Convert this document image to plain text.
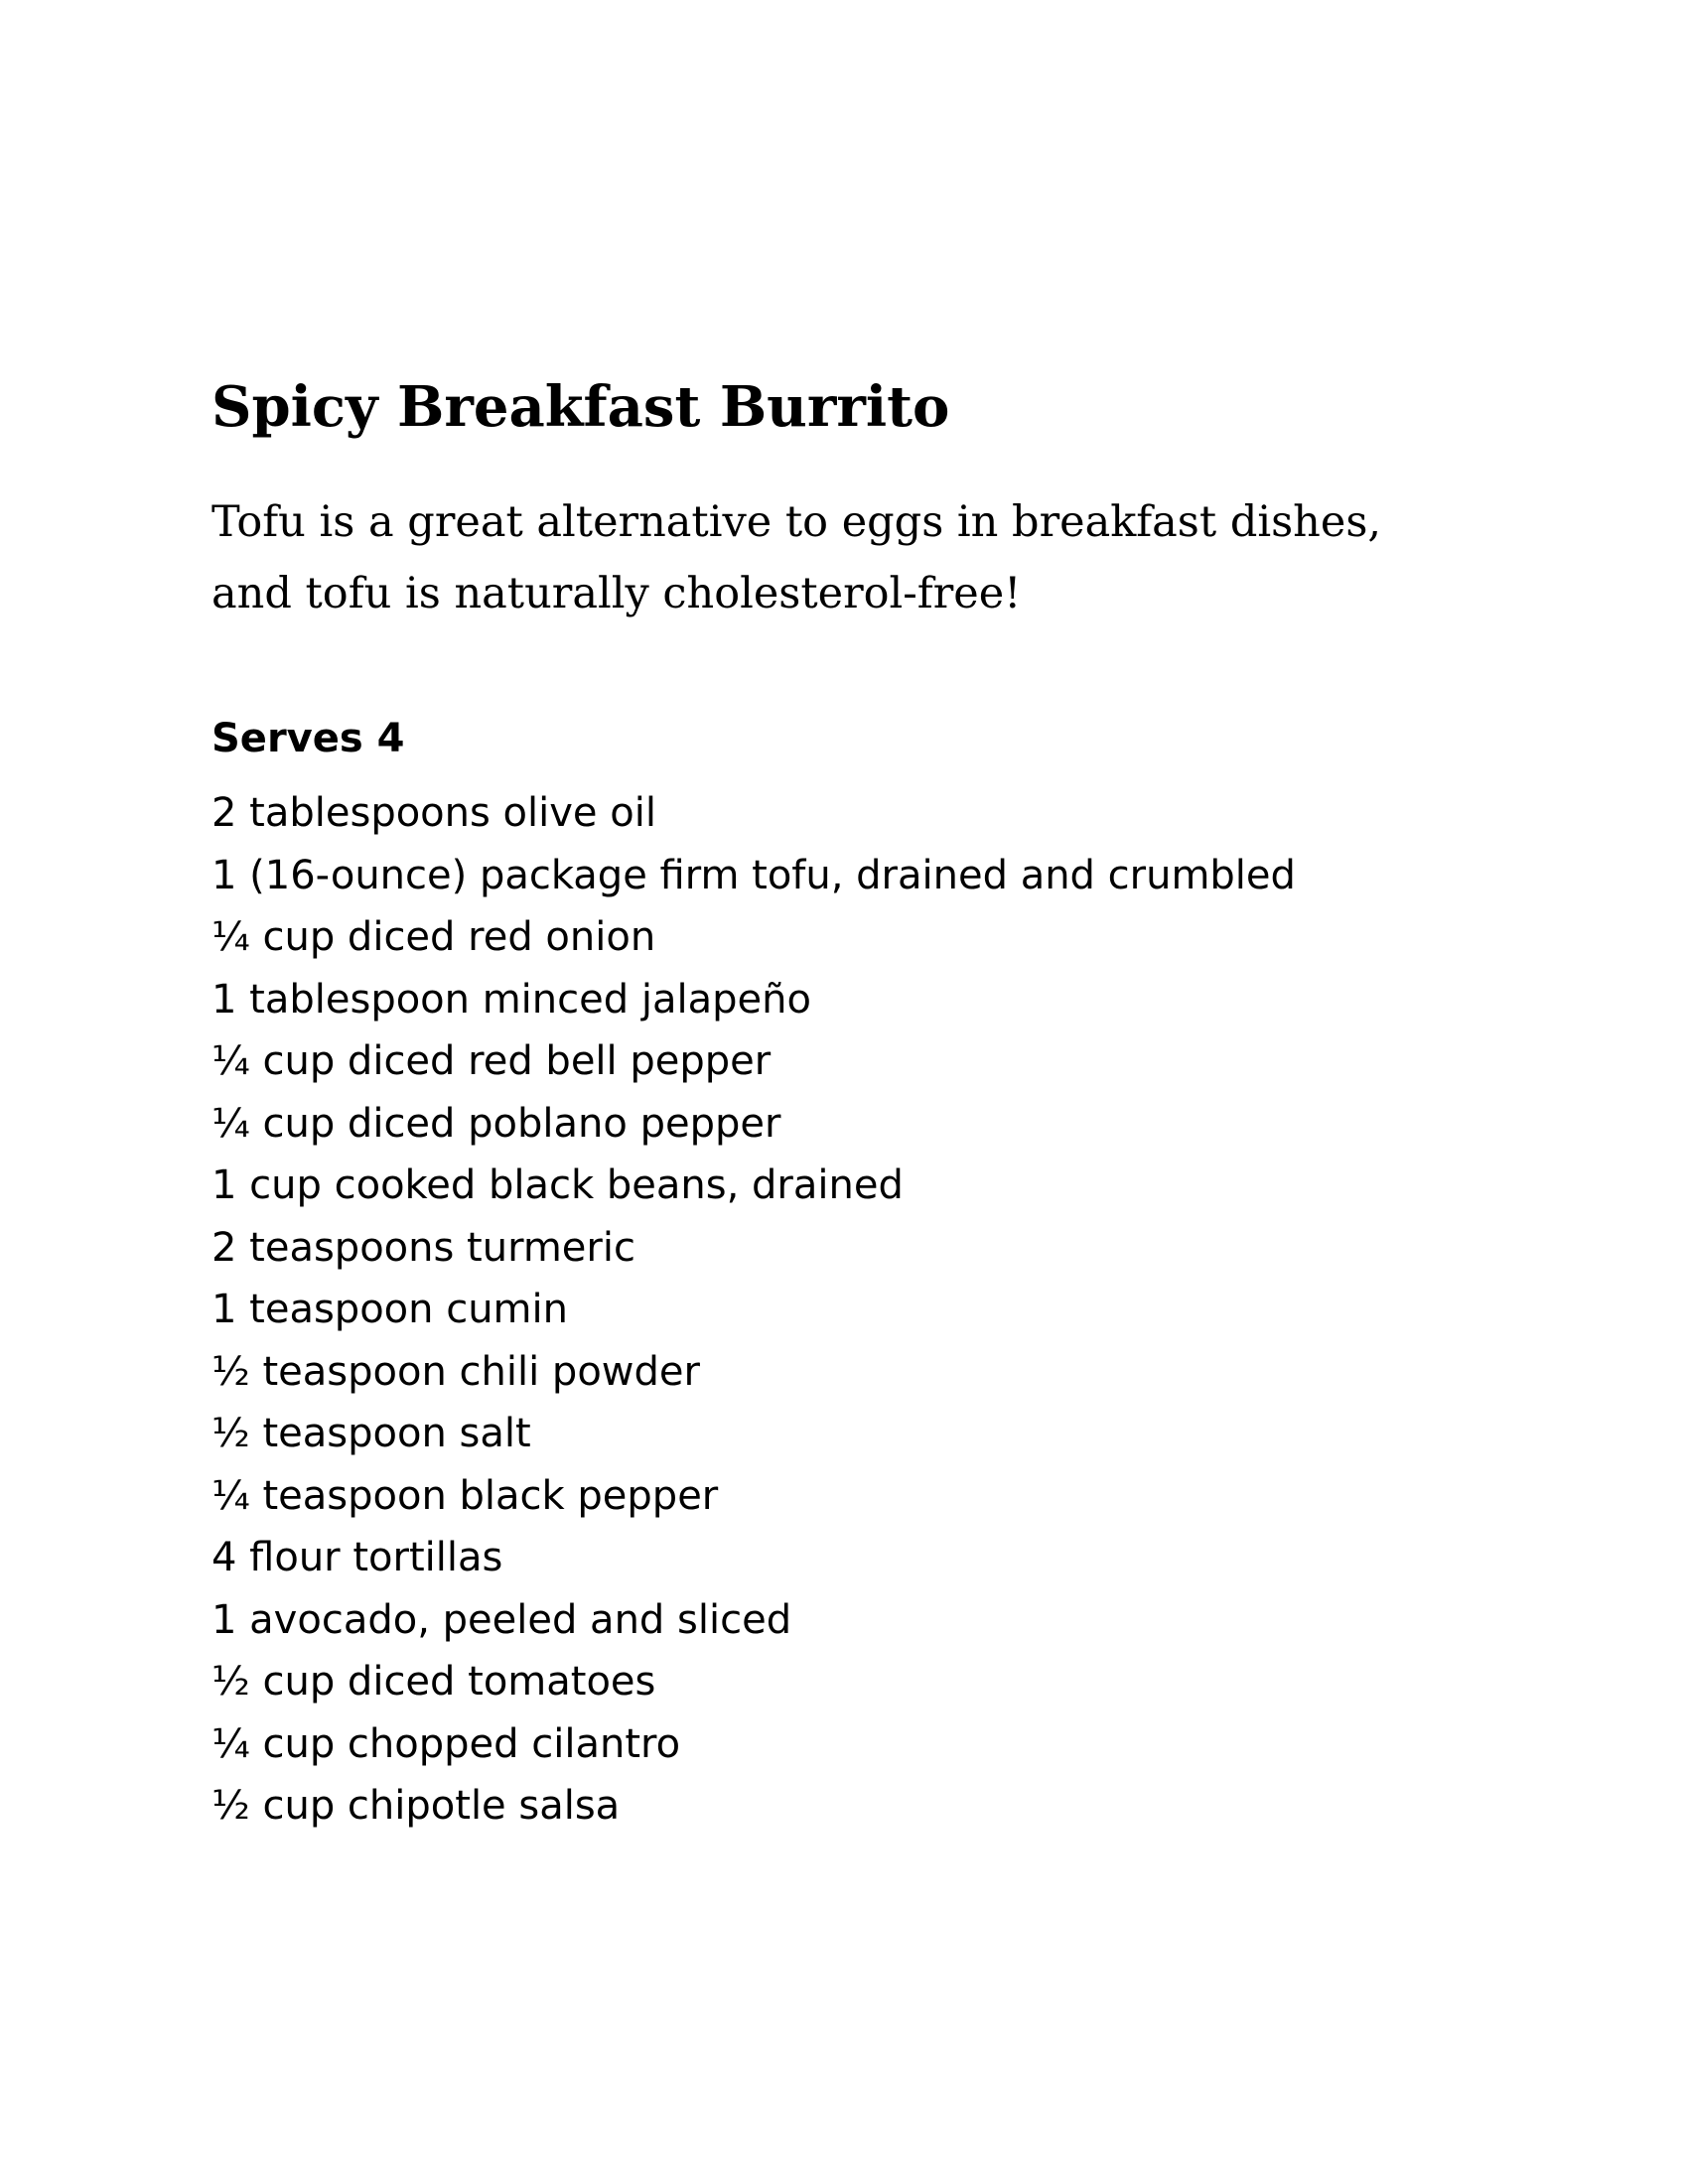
Spicy Breakfast Burrito

Tofu is a great alternative to eggs in breakfast dishes, and tofu is naturally cholesterol-free!

Serves 4
2 tablespoons olive oil
1 (16-ounce) package firm tofu, drained and crumbled
¼ cup diced red onion
1 tablespoon minced jalapeño
¼ cup diced red bell pepper
¼ cup diced poblano pepper
1 cup cooked black beans, drained
2 teaspoons turmeric
1 teaspoon cumin
½ teaspoon chili powder
½ teaspoon salt
¼ teaspoon black pepper
4 flour tortillas
1 avocado, peeled and sliced
½ cup diced tomatoes
¼ cup chopped cilantro
½ cup chipotle salsa
